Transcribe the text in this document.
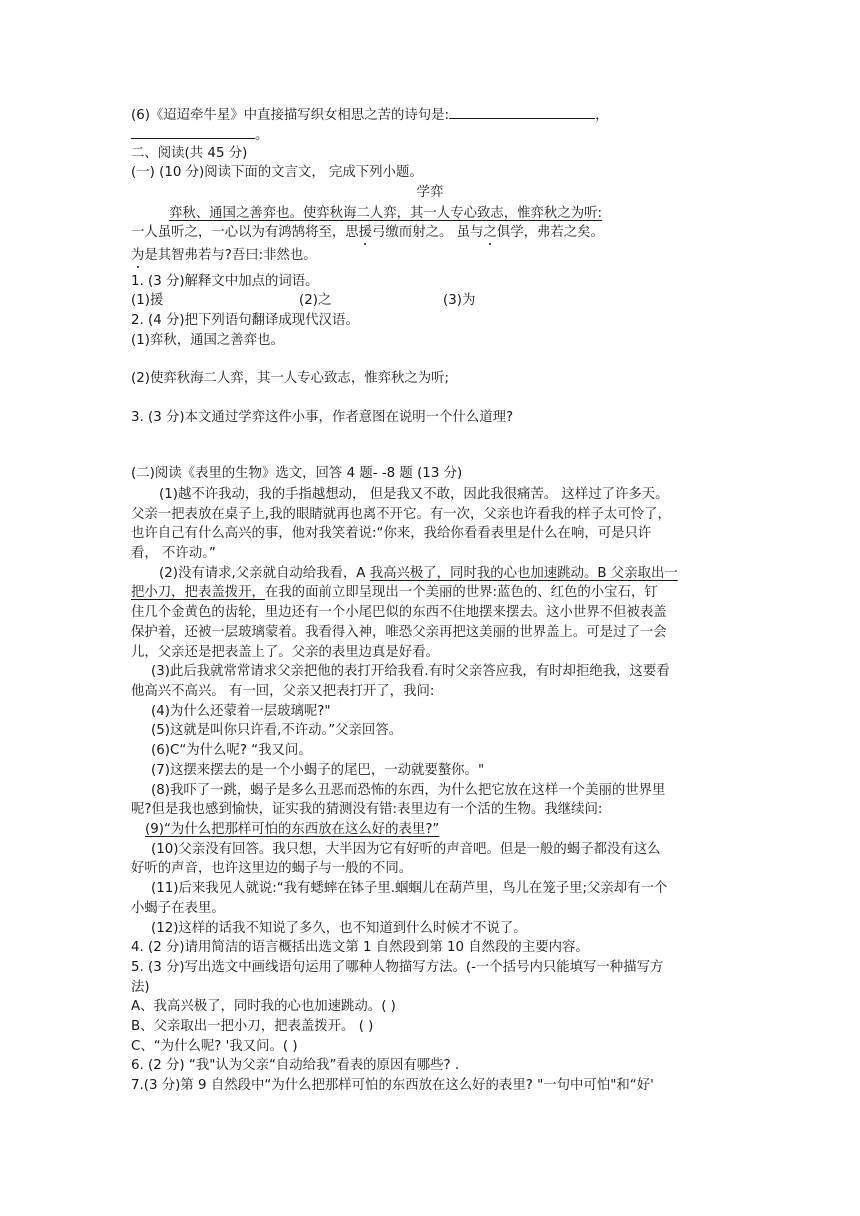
(6)《迢迢牵牛星》中直接描写织女相思之苦的诗句是:	，
。
二、阅读(共 45 分)
(一) (10 分)阅读下面的文言文， 完成下列小题。
学弈
弈秋、通国之善弈也。使弈秋诲二人弈，其一人专心致志，惟弈秋之为听:
一人虽听之，一心以为有鸿鹄将至，思援弓缴而射之。 虽与之俱学，弗若之矣。
为是其智弗若与?吾曰:非然也。
1. (3 分)解释文中加点的词语。
(1)援	(2)之	(3)为
2. (4 分)把下列语句翻译成现代汉语。
(1)弈秋，通国之善弈也。
(2)使弈秋海二人弈，其一人专心致志，惟弈秋之为听;
3. (3 分)本文通过学弈这件小事，作者意图在说明一个什么道理?
(二)阅读《表里的生物》选文，回答 4 题- -8 题 (13 分)
(1)越不许我动，我的手指越想动， 但是我又不敢，因此我很痛苦。 这样过了许多天。
父亲一把表放在桌子上,我的眼睛就再也离不开它。有一次，父亲也许看我的样子太可怜了，
也许自己有什么高兴的事，他对我笑着说:“你来，我给你看看表里是什么在响，可是只许
看， 不许动。”
(2)没有请求,父亲就自动给我看，A 我高兴极了，同时我的心也加速跳动。B 父亲取出一
把小刀，把表盖拨开，在我的面前立即呈现出一个美丽的世界:蓝色的、红色的小宝石，钉
住几个金黄色的齿轮，里边还有一个小尾巴似的东西不住地摆来摆去。这小世界不但被表盖
保护着，还被一层玻璃蒙着。我看得入神，唯恐父亲再把这美丽的世界盖上。可是过了一会
儿，父亲还是把表盖上了。父亲的表里边真是好看。
(3)此后我就常常请求父亲把他的表打开给我看.有时父亲答应我，有时却拒绝我，这要看
他高兴不高兴。 有一回，父亲又把表打开了，我问:
(4)为什么还蒙着一层玻璃呢?"
(5)这就是叫你只许看,不许动。”父亲回答。
(6)C“为什么呢? “我又问。
(7)这摆来摆去的是一个小蝎子的尾巴，一动就要螯你。"
(8)我吓了一跳，蝎子是多么丑恶而恐怖的东西，为什么把它放在这样一个美丽的世界里
呢?但是我也感到愉快，证实我的猜测没有错:表里边有一个活的生物。我继续问:
(9)“为什么把那样可怕的东西放在这么好的表里?”
(10)父亲没有回答。我只想，大半因为它有好听的声音吧。但是一般的蝎子都没有这么
好听的声音，也许这里边的蝎子与一般的不同。
(11)后来我见人就说:“我有蟋蟀在钵子里.蝈蝈儿在葫芦里，鸟儿在笼子里;父亲却有一个
小蝎子在表里。
(12)这样的话我不知说了多久，也不知道到什么时候才不说了。
4. (2 分)请用简洁的语言概括出选文第 1 自然段到第 10 自然段的主要内容。
5. (3 分)写出选文中画线语句运用了哪种人物描写方法。(-一个括号内只能填写一种描写方
法)
A、我高兴极了，同时我的心也加速跳动。( )
B、父亲取出一把小刀，把表盖拨开。 ( )
C、“为什么呢? '我又问。( )
6. (2 分) “我"认为父亲“自动给我”看表的原因有哪些? .
7.(3 分)第 9 自然段中“为什么把那样可怕的东西放在这么好的表里? "一句中可怕"和“好'
